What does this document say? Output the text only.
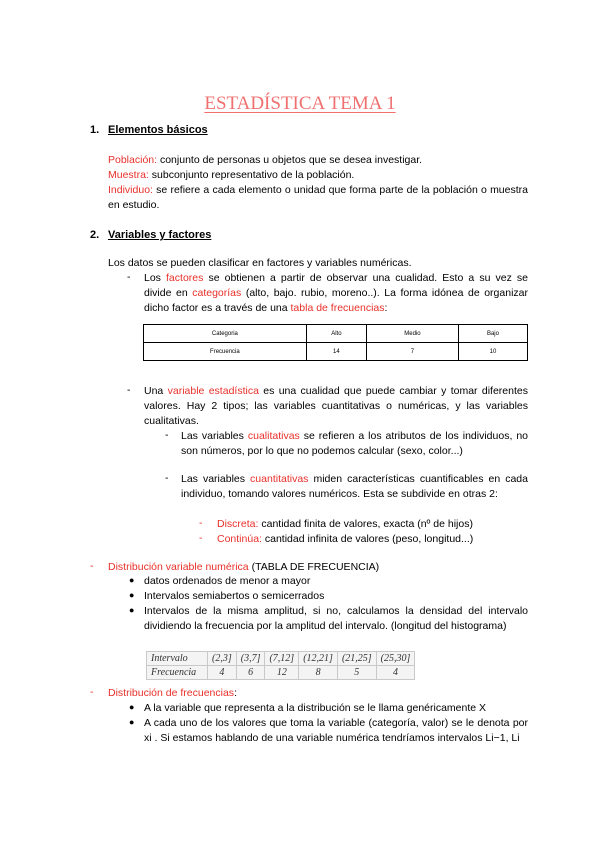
ESTADÍSTICA TEMA 1
1. Elementos básicos
Población: conjunto de personas u objetos que se desea investigar.
Muestra: subconjunto representativo de la población.
Individuo: se refiere a cada elemento o unidad que forma parte de la población o muestra en estudio.
2. Variables y factores
Los datos se pueden clasificar en factores y variables numéricas.
- Los factores se obtienen a partir de observar una cualidad. Esto a su vez se divide en categorías (alto, bajo. rubio, moreno..). La forma idónea de organizar dicho factor es a través de una tabla de frecuencias:
Categoria	Alto	Medio	Bajo
Frecuencia	14	7	10
- Una variable estadística es una cualidad que puede cambiar y tomar diferentes valores. Hay 2 tipos; las variables cuantitativas o numéricas, y las variables cualitativas.
- Las variables cualitativas se refieren a los atributos de los individuos, no son números, por lo que no podemos calcular (sexo, color...)
- Las variables cuantitativas miden características cuantificables en cada individuo, tomando valores numéricos. Esta se subdivide en otras 2:
- Discreta: cantidad finita de valores, exacta (nº de hijos)
- Continúa: cantidad infinita de valores (peso, longitud...)
- Distribución variable numérica (TABLA DE FRECUENCIA)
● datos ordenados de menor a mayor
● Intervalos semiabertos o semicerrados
● Intervalos de la misma amplitud, si no, calculamos la densidad del intervalo dividiendo la frecuencia por la amplitud del intervalo. (longitud del histograma)
Intervalo	(2,3]	(3,7]	(7,12]	(12,21]	(21,25]	(25,30]
Frecuencia	4	6	12	8	5	4
- Distribución de frecuencias:
● A la variable que representa a la distribución se le llama genéricamente X
● A cada uno de los valores que toma la variable (categoría, valor) se le denota por xi . Si estamos hablando de una variable numérica tendríamos intervalos Li−1, Li
